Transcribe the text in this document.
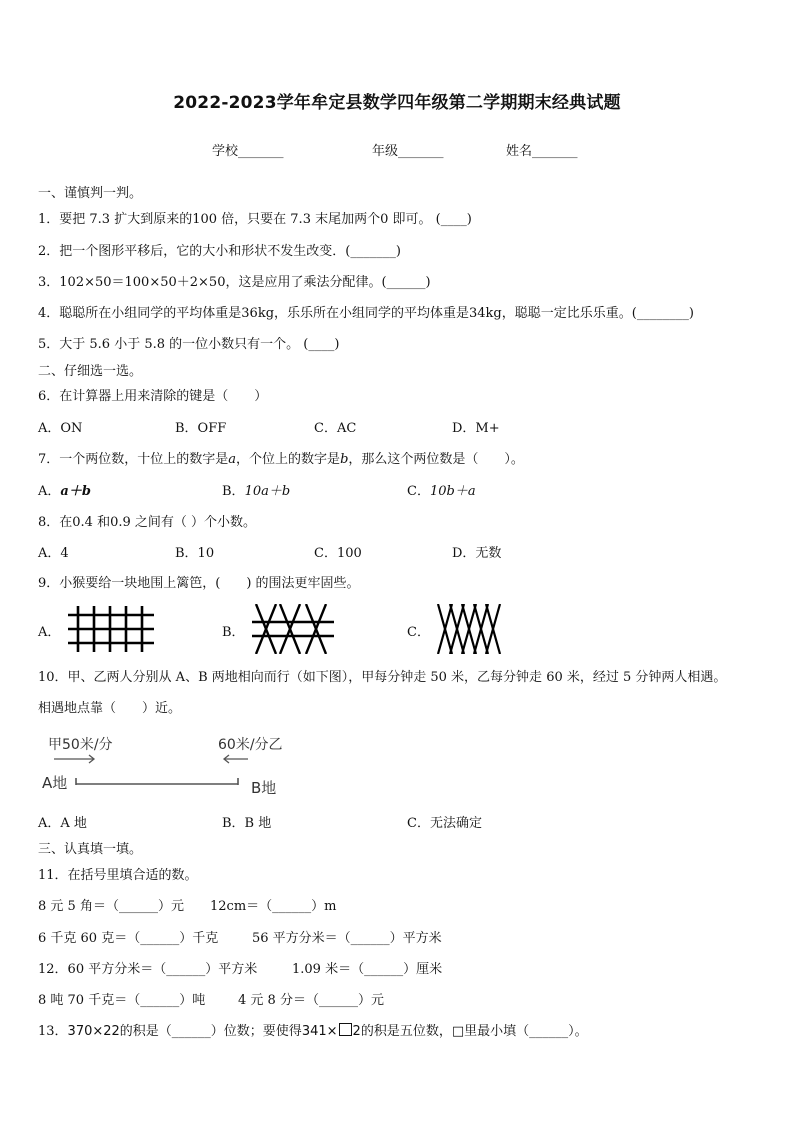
2022-2023学年牟定县数学四年级第二学期期末经典试题
学校_______	年级_______	姓名_______
一、谨慎判一判。
1．要把 7.3 扩大到原来的100 倍，只要在 7.3 末尾加两个0 即可。 (____)
2．把一个图形平移后，它的大小和形状不发生改变．(_______)
3．102×50＝100×50＋2×50，这是应用了乘法分配律。(______)
4．聪聪所在小组同学的平均体重是36kg，乐乐所在小组同学的平均体重是34kg，聪聪一定比乐乐重。(________)
5．大于 5.6 小于 5.8 的一位小数只有一个。 (____)
二、仔细选一选。
6．在计算器上用来清除的键是（　　）
A．ON	B．OFF	C．AC	D．M+
7．一个两位数，十位上的数字是a，个位上的数字是b，那么这个两位数是（　　）。
A．a＋b	B．10a＋b	C．10b＋a
8．在0.4 和0.9 之间有（ ）个小数。
A．4	B．10	C．100	D．无数
9．小猴要给一块地围上篱笆，(　　) 的围法更牢固些。
A．	B．	C．
10．甲、乙两人分别从 A、B 两地相向而行（如下图），甲每分钟走 50 米，乙每分钟走 60 米，经过 5 分钟两人相遇。
相遇地点靠（　　）近。
甲50米/分	60米/分乙
A地	B地
A．A 地	B．B 地	C．无法确定
三、认真填一填。
11．在括号里填合适的数。
8 元 5 角＝（______）元 12cm＝（______）m
6 千克 60 克＝（______）千克	56 平方分米＝（______）平方米
12．60 平方分米＝（______）平方米	1.09 米＝（______）厘米
8 吨 70 千克＝（______）吨	4 元 8 分＝（______）元
13．370×22的积是（______）位数；要使得341× 2的积是五位数，□里最小填（______）。
